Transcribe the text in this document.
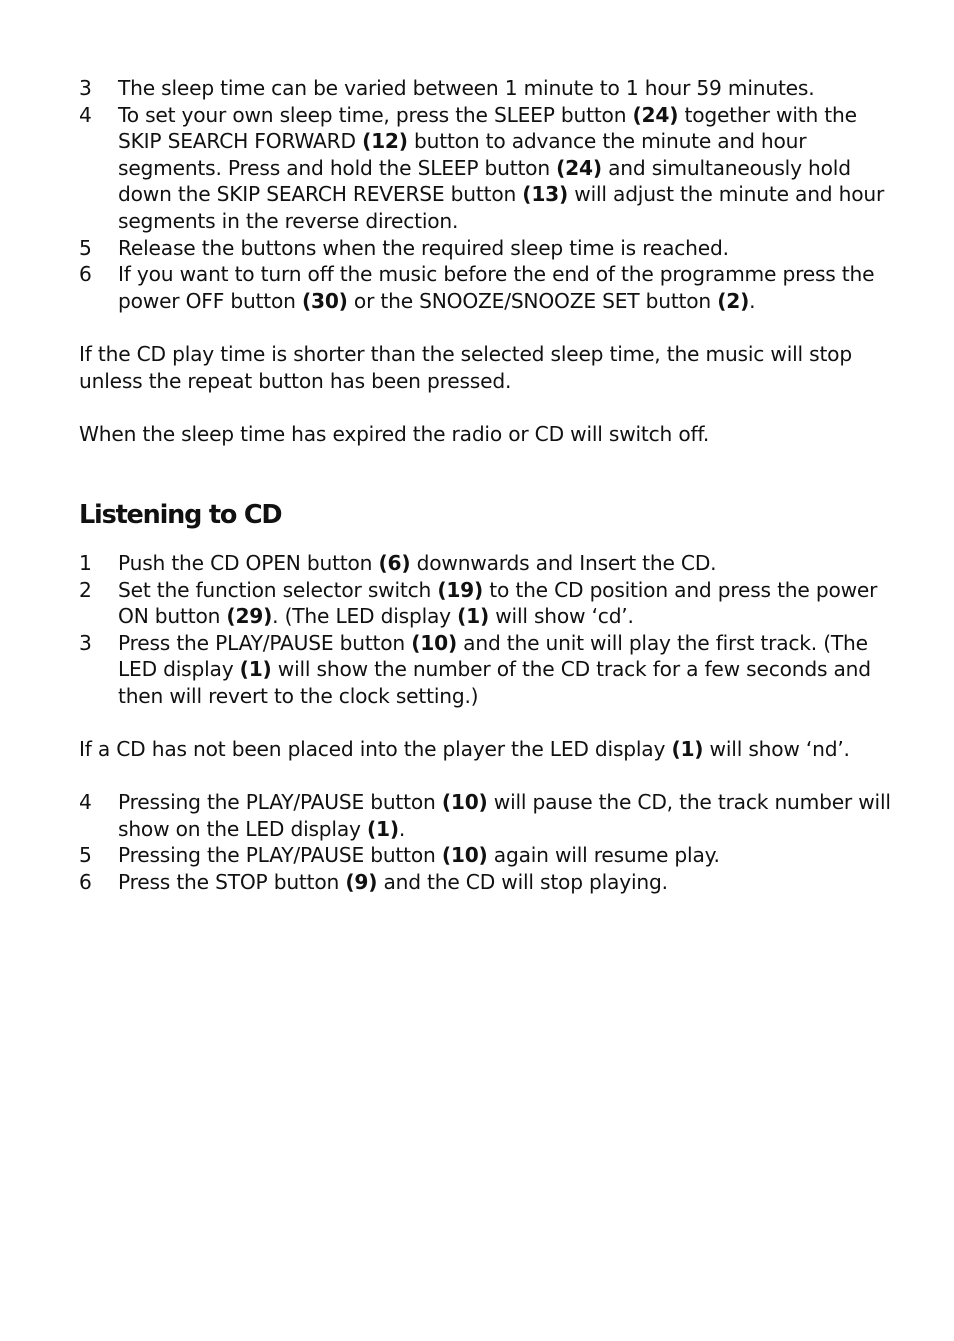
3	The sleep time can be varied between 1 minute to 1 hour 59 minutes.
4	To set your own sleep time, press the SLEEP button (24) together with the SKIP SEARCH FORWARD (12) button to advance the minute and hour segments. Press and hold the SLEEP button (24) and simultaneously hold down the SKIP SEARCH REVERSE button (13) will adjust the minute and hour segments in the reverse direction.
5	Release the buttons when the required sleep time is reached.
6	If you want to turn off the music before the end of the programme press the power OFF button (30) or the SNOOZE/SNOOZE SET button (2).

If the CD play time is shorter than the selected sleep time, the music will stop unless the repeat button has been pressed.

When the sleep time has expired the radio or CD will switch off.

Listening to CD
1	Push the CD OPEN button (6) downwards and Insert the CD.
2	Set the function selector switch (19) to the CD position and press the power ON button (29). (The LED display (1) will show ‘cd’.
3	Press the PLAY/PAUSE button (10) and the unit will play the first track. (The LED display (1) will show the number of the CD track for a few seconds and then will revert to the clock setting.)

If a CD has not been placed into the player the LED display (1) will show ‘nd’.

4	Pressing the PLAY/PAUSE button (10) will pause the CD, the track number will show on the LED display (1).
5	Pressing the PLAY/PAUSE button (10) again will resume play.
6	Press the STOP button (9) and the CD will stop playing.
